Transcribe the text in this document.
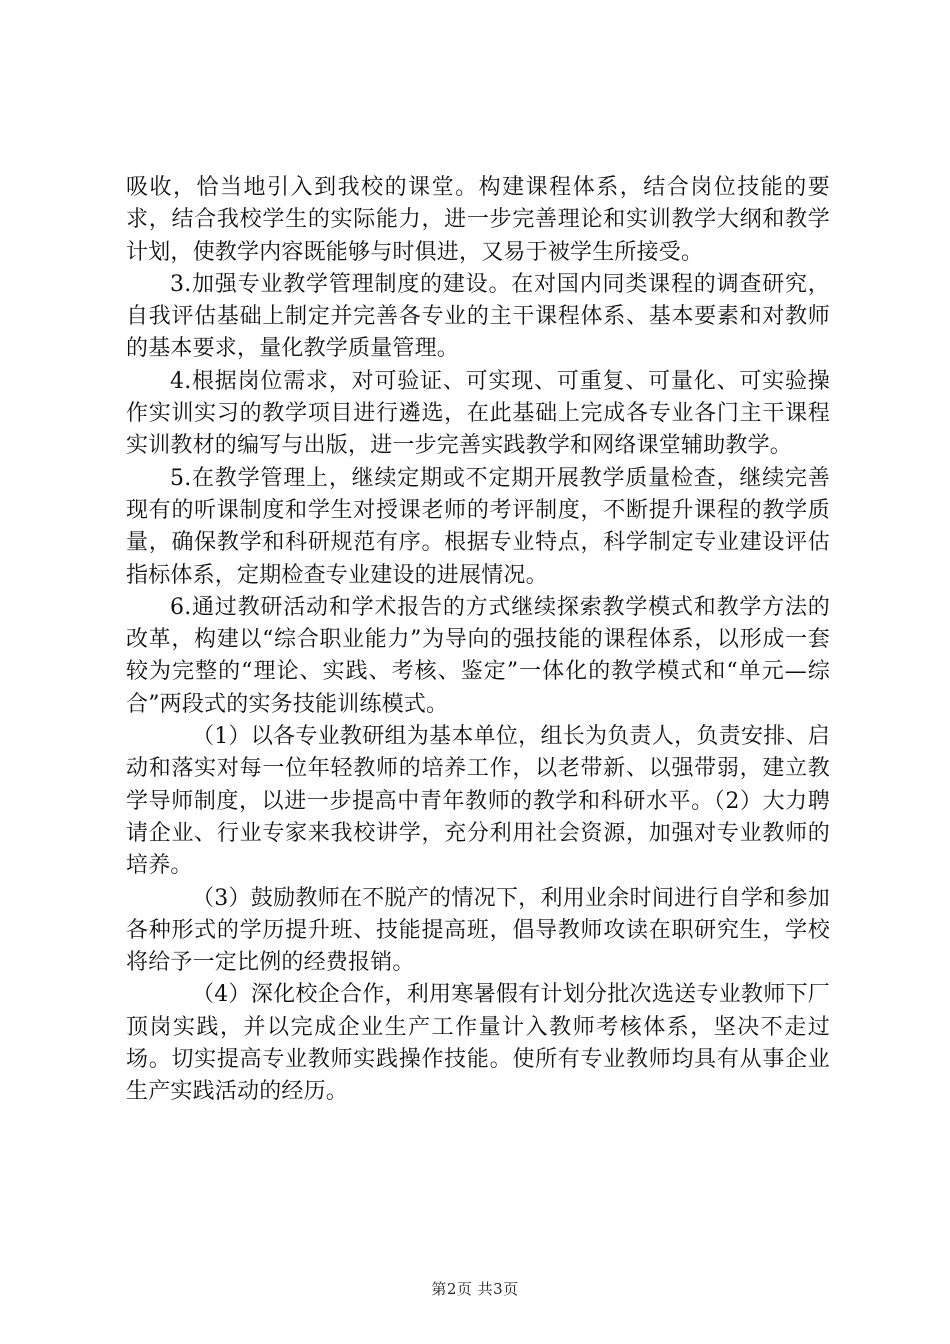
吸收，恰当地引入到我校的课堂。构建课程体系，结合岗位技能的要求，结合我校学生的实际能力，进一步完善理论和实训教学大纲和教学计划，使教学内容既能够与时俱进，又易于被学生所接受。

3.加强专业教学管理制度的建设。在对国内同类课程的调查研究，自我评估基础上制定并完善各专业的主干课程体系、基本要素和对教师的基本要求，量化教学质量管理。

4.根据岗位需求，对可验证、可实现、可重复、可量化、可实验操作实训实习的教学项目进行遴选，在此基础上完成各专业各门主干课程实训教材的编写与出版，进一步完善实践教学和网络课堂辅助教学。

5.在教学管理上，继续定期或不定期开展教学质量检查，继续完善现有的听课制度和学生对授课老师的考评制度，不断提升课程的教学质量，确保教学和科研规范有序。根据专业特点，科学制定专业建设评估指标体系，定期检查专业建设的进展情况。

6.通过教研活动和学术报告的方式继续探索教学模式和教学方法的改革，构建以“综合职业能力”为导向的强技能的课程体系，以形成一套较为完整的“理论、实践、考核、鉴定”一体化的教学模式和“单元—综合”两段式的实务技能训练模式。

（1）以各专业教研组为基本单位，组长为负责人，负责安排、启动和落实对每一位年轻教师的培养工作，以老带新、以强带弱，建立教学导师制度，以进一步提高中青年教师的教学和科研水平。（2）大力聘请企业、行业专家来我校讲学，充分利用社会资源，加强对专业教师的培养。

（3）鼓励教师在不脱产的情况下，利用业余时间进行自学和参加各种形式的学历提升班、技能提高班，倡导教师攻读在职研究生，学校将给予一定比例的经费报销。

（4）深化校企合作，利用寒暑假有计划分批次选送专业教师下厂顶岗实践，并以完成企业生产工作量计入教师考核体系，坚决不走过场。切实提高专业教师实践操作技能。使所有专业教师均具有从事企业生产实践活动的经历。

第2页 共3页
